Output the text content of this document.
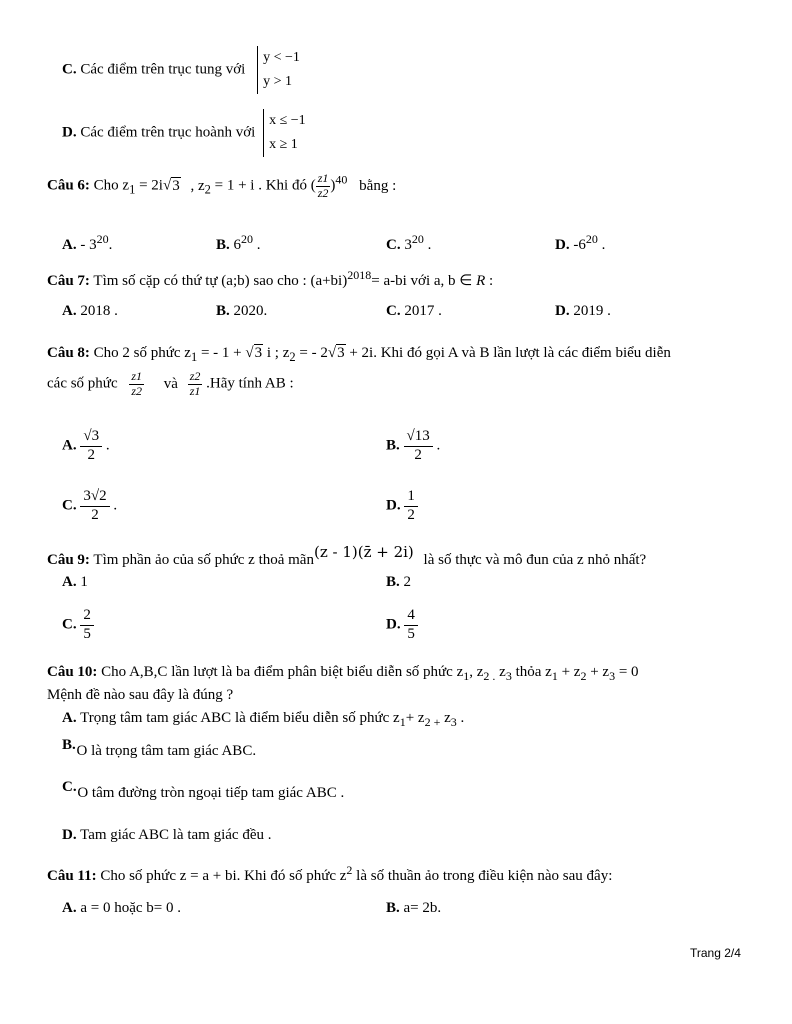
C. Các điểm trên trục tung với
y < −1
y > 1
D. Các điểm trên trục hoành với
x ≤ −1
x ≥ 1
Câu 6: Cho $z_1 = 2i√3$ , $z_2 = 1 + i$ . Khi đó ( $\frac{z1}{z2} )^{40}$ bằng :
A. - $3^{20}$.	B. $6^{20}$ .	C. $3^{20}$ .	D. $-6^{20}$ .
Câu 7: Tìm số cặp có thứ tự (a;b) sao cho : $(a+bi)^{2018}= a-bi$ với a, b ∈ R :
A. 2018 .	B. 2020.	C. 2017 .	D. 2019 .
Câu 8: Cho 2 số phức $z_1$ = - 1 + √3 i ; $z_2$ = - 2√3 + 2i. Khi đó gọi A và B lần lượt là các điểm biểu diễn
các số phức $\frac{z1}{z2}$ và $\frac{z2}{z1}$ .Hãy tính AB :
A. $\frac{√3}{2}$ .	B. $\frac{√13}{2}$ .
C. $\frac{3√2}{2}$ .	D. $\frac{1}{2}$
Câu 9: Tìm phần ảo của số phức z thoả mãn(z - 1)(z̄ + 2i) là số thực và mô đun của z nhỏ nhất?
A. 1	B. 2
C. $\frac{2}{5}$	D. $\frac{4}{5}$
Câu 10: Cho A,B,C lần lượt là ba điểm phân biệt biểu diễn số phức $z_1$, $z_{2 .}$ $z_3$ thỏa $z_1 + z_2 + z_3 = 0$
Mệnh đề nào sau đây là đúng ?
A. Trọng tâm tam giác ABC là điểm biểu diễn số phức $z_1+ z_{2 +}$ $z_3$ .
B. O là trọng tâm tam giác ABC.
C. O tâm đường tròn ngoại tiếp tam giác ABC .
D. Tam giác ABC là tam giác đều .
Câu 11: Cho số phức z = a + bi. Khi đó số phức $z^2$ là số thuần ảo trong điều kiện nào sau đây:
A. a = 0 hoặc b= 0 .	B. a= 2b.
Trang 2/4
